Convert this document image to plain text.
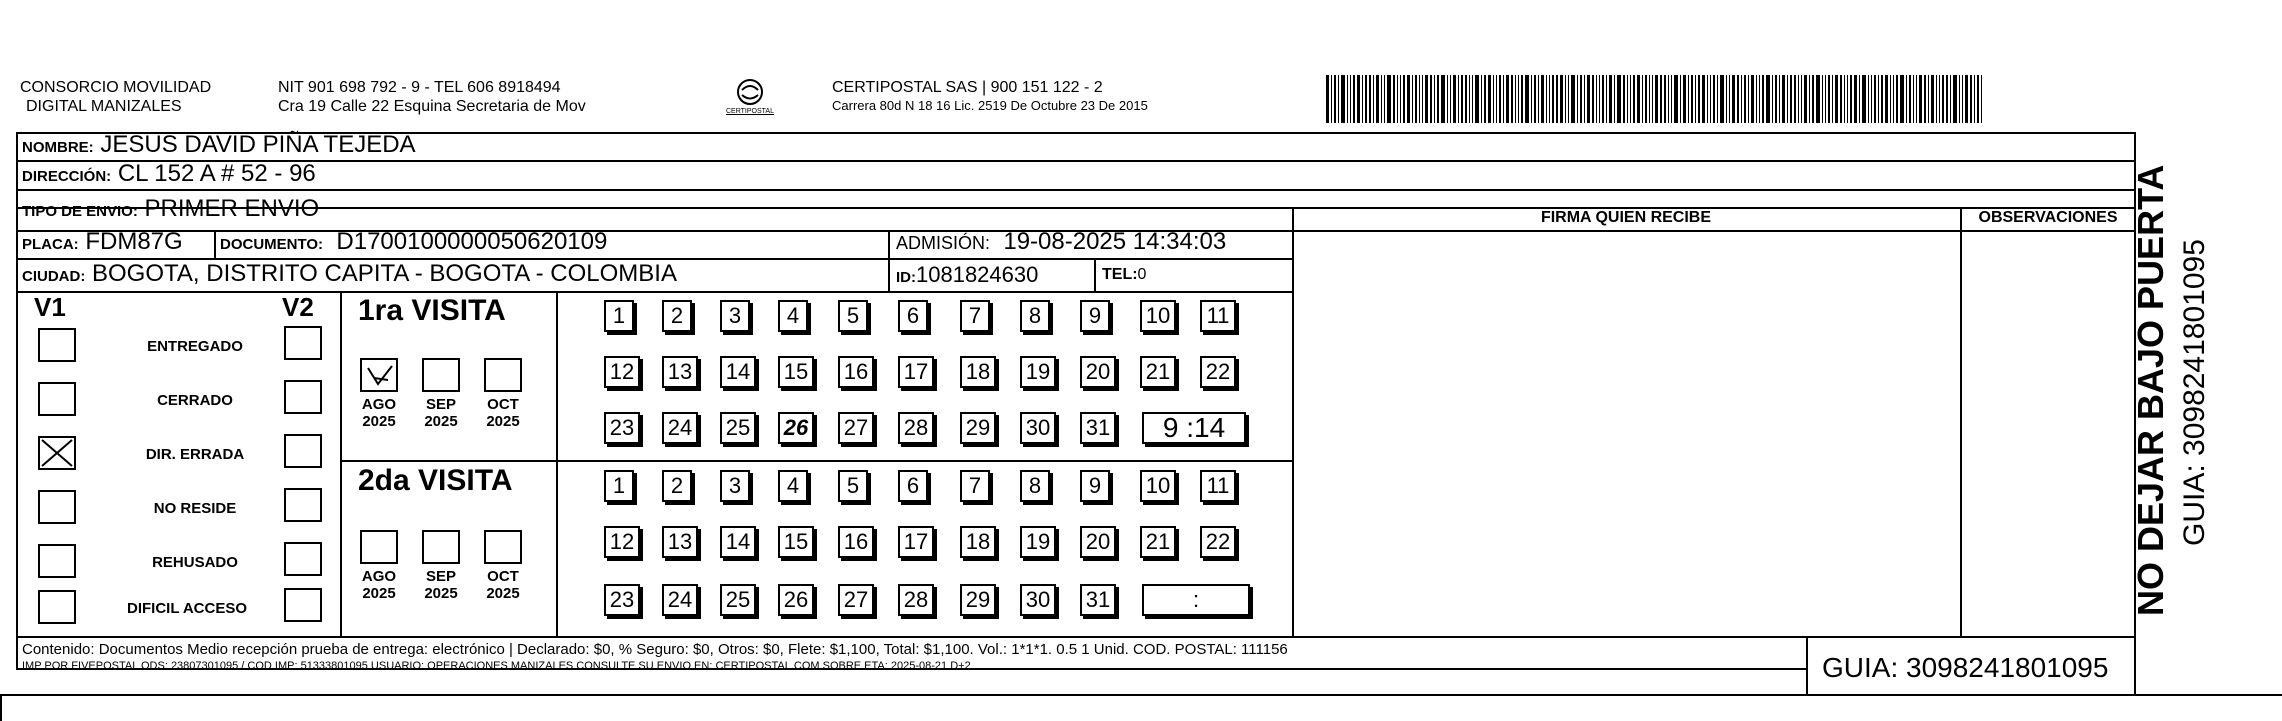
CONSORCIO MOVILIDAD
DIGITAL MANIZALES
NIT 901 698 792 - 9 - TEL 606 8918494
Cra 19 Calle 22 Esquina Secretaria de Mov	CERTIPOSTAL
CERTIPOSTAL SAS | 900 151 122 - 2
Carrera 80d N 18 16 Lic. 2519 De Octubre 23 De 2015
NOMBRE: JESUS DAVID PIÑA TEJEDA
DIRECCIÓN: CL 152 A # 52 - 96
TIPO DE ENVIO: PRIMER ENVIO
PLACA: FDM87G DOCUMENTO: D1700100000050620109	ADMISIÓN: 19-08-2025 14:34:03
CIUDAD: BOGOTA, DISTRITO CAPITA - BOGOTA - COLOMBIA	ID:1081824630	TEL:0
FIRMA QUIEN RECIBE	OBSERVACIONES
V1	V2
ENTREGADO
CERRADO
DIR. ERRADA
NO RESIDE
REHUSADO
DIFICIL ACCESO
1ra VISITA
2da VISITA
AGO
2025
SEP
2025
OCT
2025
AGO
2025
SEP
2025
OCT
2025
1	2	3	4	5	6	7	8	9	10 11
12 13 14 15 16 17 18 19 20 21 22
23 24 25 26 27 28 29 30 31	9 :14
1	2	3	4	5	6	7	8	9	10 11
12 13 14 15 16 17 18 19 20 21 22
23 24 25 26 27 28 29 30 31	:	NO DEJAR BAJO PUERTA GUIA: 3098241801095
Contenido: Documentos Medio recepción prueba de entrega: electrónico | Declarado: $0, % Seguro: $0, Otros: $0, Flete: $1,100, Total: $1,100. Vol.: 1*1*1. 0.5 1 Unid. COD. POSTAL: 111156
IMP POR FIVEPOSTAL ODS: 23807301095 / COD.IMP: 51333801095 USUARIO: OPERACIONES MANIZALES CONSULTE SU ENVIO EN: CERTIPOSTAL.COM SOBRE ETA: 2025-08-21 D+2	GUIA: 3098241801095
